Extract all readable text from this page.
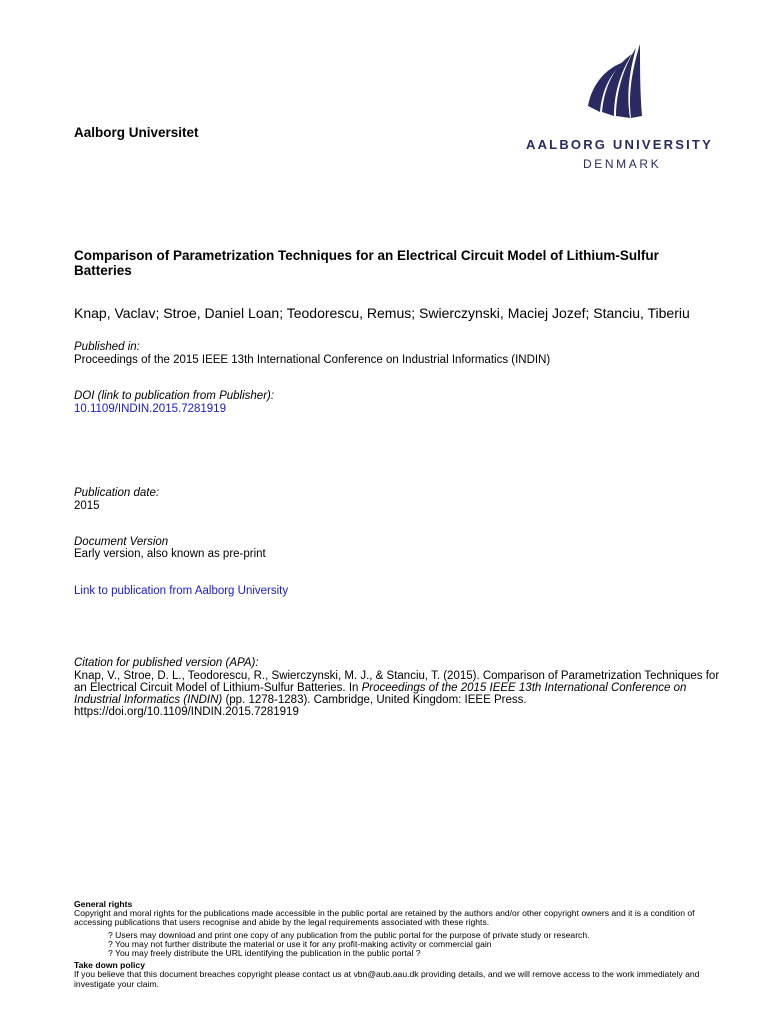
Aalborg Universitet
AALBORG UNIVERSITY
DENMARK
Comparison of Parametrization Techniques for an Electrical Circuit Model of Lithium-Sulfur Batteries
Knap, Vaclav; Stroe, Daniel Loan; Teodorescu, Remus; Swierczynski, Maciej Jozef; Stanciu, Tiberiu
Published in:
Proceedings of the 2015 IEEE 13th International Conference on Industrial Informatics (INDIN)
DOI (link to publication from Publisher):
10.1109/INDIN.2015.7281919
Publication date:
2015
Document Version
Early version, also known as pre-print
Link to publication from Aalborg University
Citation for published version (APA):
Knap, V., Stroe, D. L., Teodorescu, R., Swierczynski, M. J., & Stanciu, T. (2015). Comparison of Parametrization Techniques for an Electrical Circuit Model of Lithium-Sulfur Batteries. In Proceedings of the 2015 IEEE 13th International Conference on Industrial Informatics (INDIN) (pp. 1278-1283). Cambridge, United Kingdom: IEEE Press. https://doi.org/10.1109/INDIN.2015.7281919
General rights
Copyright and moral rights for the publications made accessible in the public portal are retained by the authors and/or other copyright owners and it is a condition of accessing publications that users recognise and abide by the legal requirements associated with these rights.
? Users may download and print one copy of any publication from the public portal for the purpose of private study or research.
? You may not further distribute the material or use it for any profit-making activity or commercial gain
? You may freely distribute the URL identifying the publication in the public portal ?
Take down policy
If you believe that this document breaches copyright please contact us at vbn@aub.aau.dk providing details, and we will remove access to the work immediately and investigate your claim.
